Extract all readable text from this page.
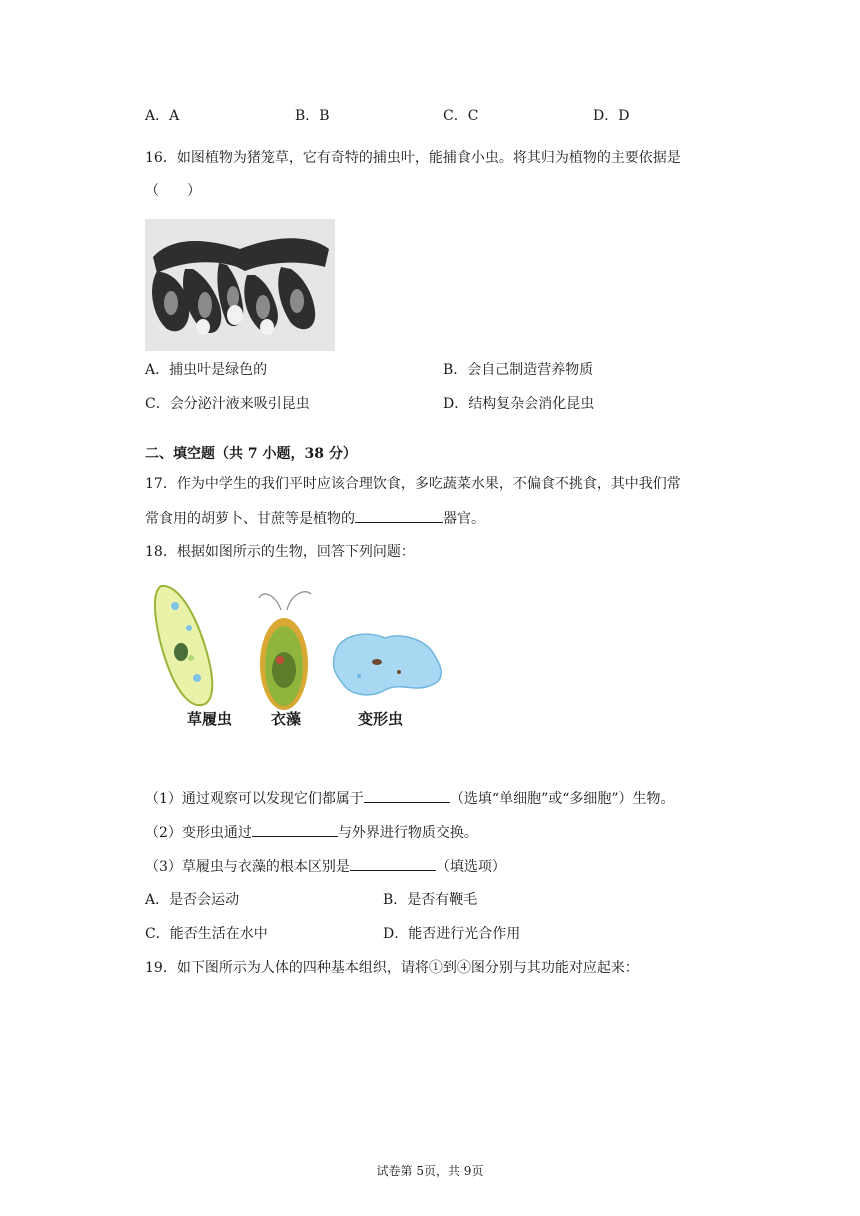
A．A	B．B	C．C	D．D
16．如图植物为猪笼草，它有奇特的捕虫叶，能捕食小虫。将其归为植物的主要依据是
（　　）
A．捕虫叶是绿色的	B．会自己制造营养物质
C．会分泌汁液来吸引昆虫	D．结构复杂会消化昆虫
二、填空题（共 7 小题，38 分）
17．作为中学生的我们平时应该合理饮食，多吃蔬菜水果，不偏食不挑食，其中我们常
常食用的胡萝卜、甘蔗等是植物的	器官。
18．根据如图所示的生物，回答下列问题：
草履虫	衣藻	变形虫
（1）通过观察可以发现它们都属于	（选填“单细胞”或“多细胞”）生物。
（2）变形虫通过	与外界进行物质交换。
（3）草履虫与衣藻的根本区别是	（填选项）
A．是否会运动	B．是否有鞭毛
C．能否生活在水中	D．能否进行光合作用
19．如下图所示为人体的四种基本组织，请将①到④图分别与其功能对应起来：
试卷第 5页，共 9页
